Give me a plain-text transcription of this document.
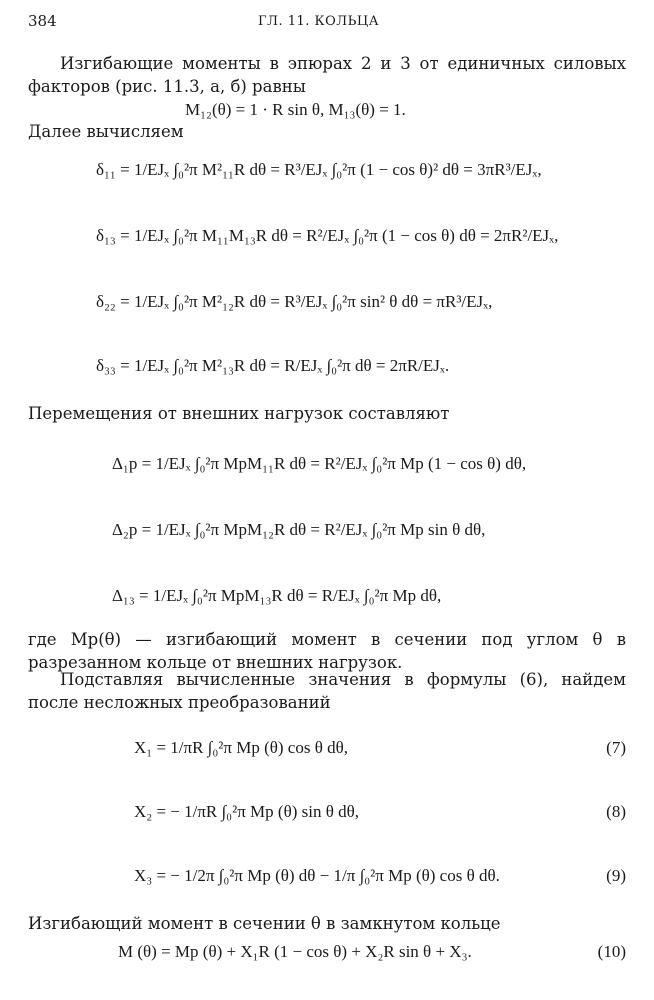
384	ГЛ. 11. КОЛЬЦА
Изгибающие моменты в эпюрах 2 и 3 от единичных силовых факторов (рис. 11.3, а, б) равны
M₁₂(θ) = 1 · R sin θ, M₁₃(θ) = 1.
Далее вычисляем
δ₁₁ = 1/EJₓ ∫₀²π M²₁₁R dθ = R³/EJₓ ∫₀²π (1 − cos θ)² dθ = 3πR³/EJₓ,
δ₁₃ = 1/EJₓ ∫₀²π M₁₁M₁₃R dθ = R²/EJₓ ∫₀²π (1 − cos θ) dθ = 2πR²/EJₓ,
δ₂₂ = 1/EJₓ ∫₀²π M²₁₂R dθ = R³/EJₓ ∫₀²π sin² θ dθ = πR³/EJₓ,
δ₃₃ = 1/EJₓ ∫₀²π M²₁₃R dθ = R/EJₓ ∫₀²π dθ = 2πR/EJₓ.
Перемещения от внешних нагрузок составляют
Δ₁p = 1/EJₓ ∫₀²π MpM₁₁R dθ = R²/EJₓ ∫₀²π Mp (1 − cos θ) dθ,
Δ₂p = 1/EJₓ ∫₀²π MpM₁₂R dθ = R²/EJₓ ∫₀²π Mp sin θ dθ,
Δ₁₃ = 1/EJₓ ∫₀²π MpM₁₃R dθ = R/EJₓ ∫₀²π Mp dθ,
где Mp(θ) — изгибающий момент в сечении под углом θ в разрезанном кольце от внешних нагрузок.
Подставляя вычисленные значения в формулы (6), найдем после несложных преобразований
X₁ = 1/πR ∫₀²π Mp (θ) cos θ dθ,	(7)
X₂ = − 1/πR ∫₀²π Mp (θ) sin θ dθ,	(8)
X₃ = − 1/2π ∫₀²π Mp (θ) dθ − 1/π ∫₀²π Mp (θ) cos θ dθ.	(9)
Изгибающий момент в сечении θ в замкнутом кольце
M (θ) = Mp (θ) + X₁R (1 − cos θ) + X₂R sin θ + X₃.	(10)
